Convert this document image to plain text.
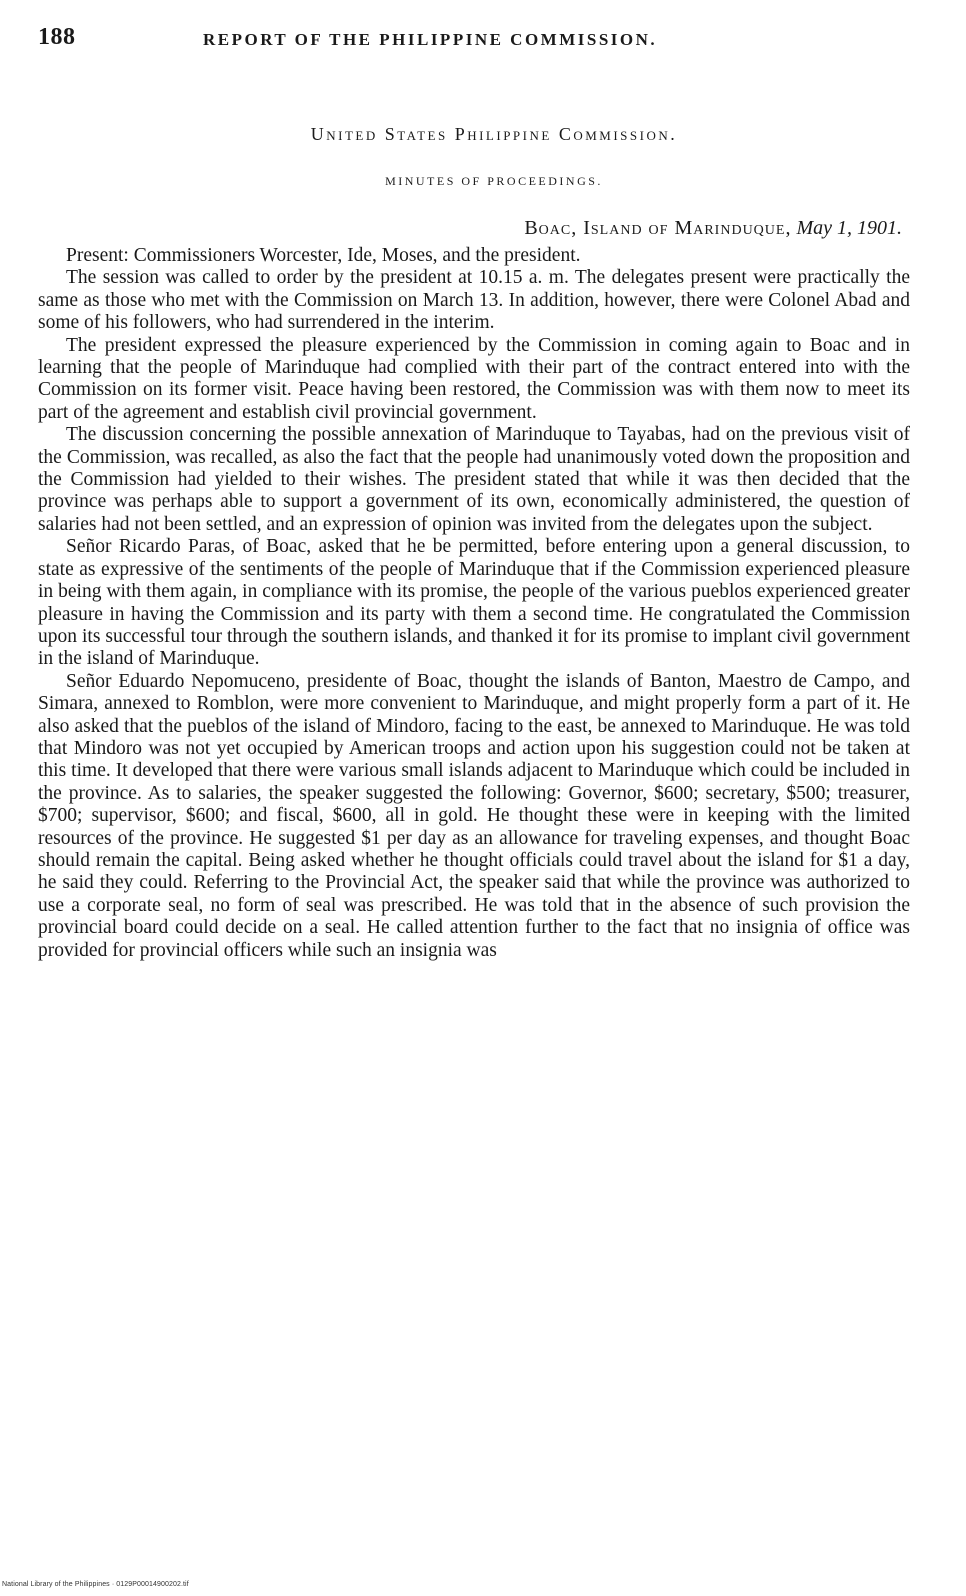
188	REPORT OF THE PHILIPPINE COMMISSION.
United States Philippine Commission.
MINUTES OF PROCEEDINGS.
Boac, Island of Marinduque, May 1, 1901.

Present: Commissioners Worcester, Ide, Moses, and the president.

The session was called to order by the president at 10.15 a. m. The delegates present were practically the same as those who met with the Commission on March 13. In addition, however, there were Colonel Abad and some of his followers, who had surrendered in the interim.

The president expressed the pleasure experienced by the Commission in coming again to Boac and in learning that the people of Marinduque had complied with their part of the contract entered into with the Commission on its former visit. Peace having been restored, the Commission was with them now to meet its part of the agreement and establish civil provincial government.

The discussion concerning the possible annexation of Marinduque to Tayabas, had on the previous visit of the Commission, was recalled, as also the fact that the people had unanimously voted down the proposition and the Commission had yielded to their wishes. The president stated that while it was then decided that the province was perhaps able to support a government of its own, economically administered, the question of salaries had not been settled, and an expression of opinion was invited from the delegates upon the subject.

Señor Ricardo Paras, of Boac, asked that he be permitted, before entering upon a general discussion, to state as expressive of the sentiments of the people of Marinduque that if the Commission experienced pleasure in being with them again, in compliance with its promise, the people of the various pueblos experienced greater pleasure in having the Commission and its party with them a second time. He congratulated the Commission upon its successful tour through the southern islands, and thanked it for its promise to implant civil government in the island of Marinduque.

Señor Eduardo Nepomuceno, presidente of Boac, thought the islands of Banton, Maestro de Campo, and Simara, annexed to Romblon, were more convenient to Marinduque, and might properly form a part of it. He also asked that the pueblos of the island of Mindoro, facing to the east, be annexed to Marinduque. He was told that Mindoro was not yet occupied by American troops and action upon his suggestion could not be taken at this time. It developed that there were various small islands adjacent to Marinduque which could be included in the province. As to salaries, the speaker suggested the following: Governor, $600; secretary, $500; treasurer, $700; supervisor, $600; and fiscal, $600, all in gold. He thought these were in keeping with the limited resources of the province. He suggested $1 per day as an allowance for traveling expenses, and thought Boac should remain the capital. Being asked whether he thought officials could travel about the island for $1 a day, he said they could. Referring to the Provincial Act, the speaker said that while the province was authorized to use a corporate seal, no form of seal was prescribed. He was told that in the absence of such provision the provincial board could decide on a seal. He called attention further to the fact that no insignia of office was provided for provincial officers while such an insignia was

National Library of the Philippines · 0129P00014900202.tif
